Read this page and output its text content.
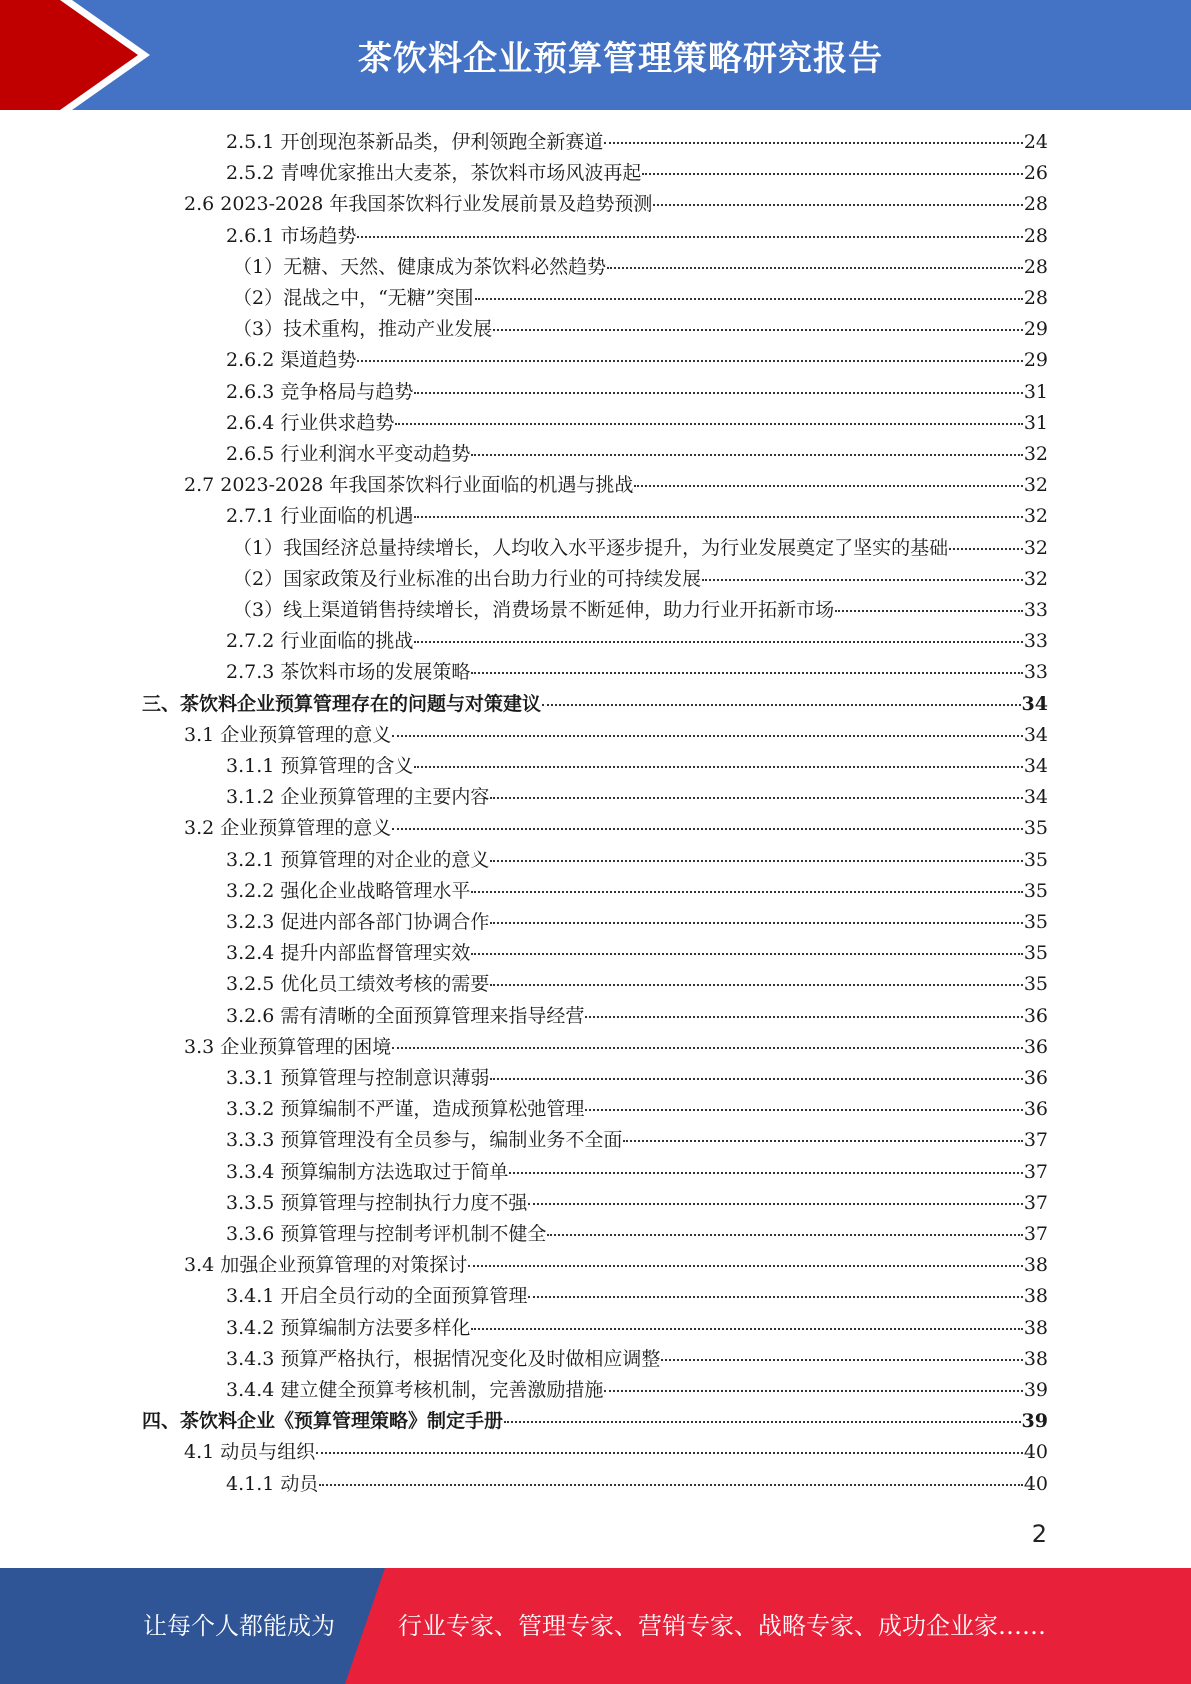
茶饮料企业预算管理策略研究报告
2.5.1 开创现泡茶新品类，伊利领跑全新赛道	24
2.5.2 青啤优家推出大麦茶，茶饮料市场风波再起	26
2.6 2023-2028 年我国茶饮料行业发展前景及趋势预测	28
2.6.1 市场趋势	28
（1）无糖、天然、健康成为茶饮料必然趋势	28
（2）混战之中，“无糖”突围	28
（3）技术重构，推动产业发展	29
2.6.2 渠道趋势	29
2.6.3 竞争格局与趋势	31
2.6.4 行业供求趋势	31
2.6.5 行业利润水平变动趋势	32
2.7 2023-2028 年我国茶饮料行业面临的机遇与挑战	32
2.7.1 行业面临的机遇	32
（1）我国经济总量持续增长，人均收入水平逐步提升，为行业发展奠定了坚实的基础	32
（2）国家政策及行业标准的出台助力行业的可持续发展	32
（3）线上渠道销售持续增长，消费场景不断延伸，助力行业开拓新市场	33
2.7.2 行业面临的挑战	33
2.7.3 茶饮料市场的发展策略	33
三、茶饮料企业预算管理存在的问题与对策建议	34
3.1 企业预算管理的意义	34
3.1.1 预算管理的含义	34
3.1.2 企业预算管理的主要内容	34
3.2 企业预算管理的意义	35
3.2.1 预算管理的对企业的意义	35
3.2.2 强化企业战略管理水平	35
3.2.3 促进内部各部门协调合作	35
3.2.4 提升内部监督管理实效	35
3.2.5 优化员工绩效考核的需要	35
3.2.6 需有清晰的全面预算管理来指导经营	36
3.3 企业预算管理的困境	36
3.3.1 预算管理与控制意识薄弱	36
3.3.2 预算编制不严谨，造成预算松弛管理	36
3.3.3 预算管理没有全员参与，编制业务不全面	37
3.3.4 预算编制方法选取过于简单	37
3.3.5 预算管理与控制执行力度不强	37
3.3.6 预算管理与控制考评机制不健全	37
3.4 加强企业预算管理的对策探讨	38
3.4.1 开启全员行动的全面预算管理	38
3.4.2 预算编制方法要多样化	38
3.4.3 预算严格执行，根据情况变化及时做相应调整	38
3.4.4 建立健全预算考核机制，完善激励措施	39
四、茶饮料企业《预算管理策略》制定手册	39
4.1 动员与组织	40
4.1.1 动员	40
2
让每个人都能成为	行业专家、管理专家、营销专家、战略专家、成功企业家……
